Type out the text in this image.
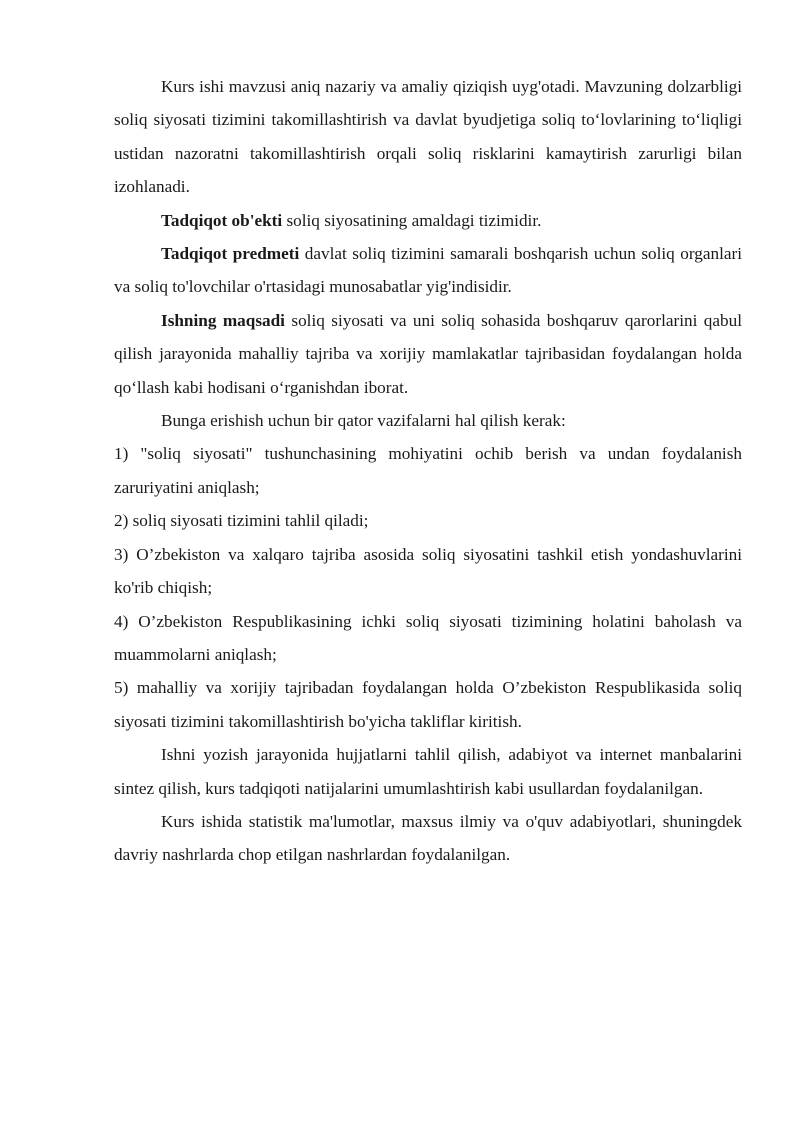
Kurs ishi mavzusi aniq nazariy va amaliy qiziqish uyg'otadi. Mavzuning dolzarbligi soliq siyosati tizimini takomillashtirish va davlat byudjetiga soliq to‘lovlarining to‘liqligi ustidan nazoratni takomillashtirish orqali soliq risklarini kamaytirish zarurligi bilan izohlanadi.

Tadqiqot ob'ekti soliq siyosatining amaldagi tizimidir.

Tadqiqot predmeti davlat soliq tizimini samarali boshqarish uchun soliq organlari va soliq to'lovchilar o'rtasidagi munosabatlar yig'indisidir.

Ishning maqsadi soliq siyosati va uni soliq sohasida boshqaruv qarorlarini qabul qilish jarayonida mahalliy tajriba va xorijiy mamlakatlar tajribasidan foydalangan holda qo‘llash kabi hodisani o‘rganishdan iborat.

Bunga erishish uchun bir qator vazifalarni hal qilish kerak:

1) "soliq siyosati" tushunchasining mohiyatini ochib berish va undan foydalanish zaruriyatini aniqlash;

2) soliq siyosati tizimini tahlil qiladi;

3) O’zbekiston va xalqaro tajriba asosida soliq siyosatini tashkil etish yondashuvlarini ko'rib chiqish;

4) O’zbekiston Respublikasining ichki soliq siyosati tizimining holatini baholash va muammolarni aniqlash;

5) mahalliy va xorijiy tajribadan foydalangan holda O’zbekiston Respublikasida soliq siyosati tizimini takomillashtirish bo'yicha takliflar kiritish.

Ishni yozish jarayonida hujjatlarni tahlil qilish, adabiyot va internet manbalarini sintez qilish, kurs tadqiqoti natijalarini umumlashtirish kabi usullardan foydalanilgan.

Kurs ishida statistik ma'lumotlar, maxsus ilmiy va o'quv adabiyotlari, shuningdek davriy nashrlarda chop etilgan nashrlardan foydalanilgan.
